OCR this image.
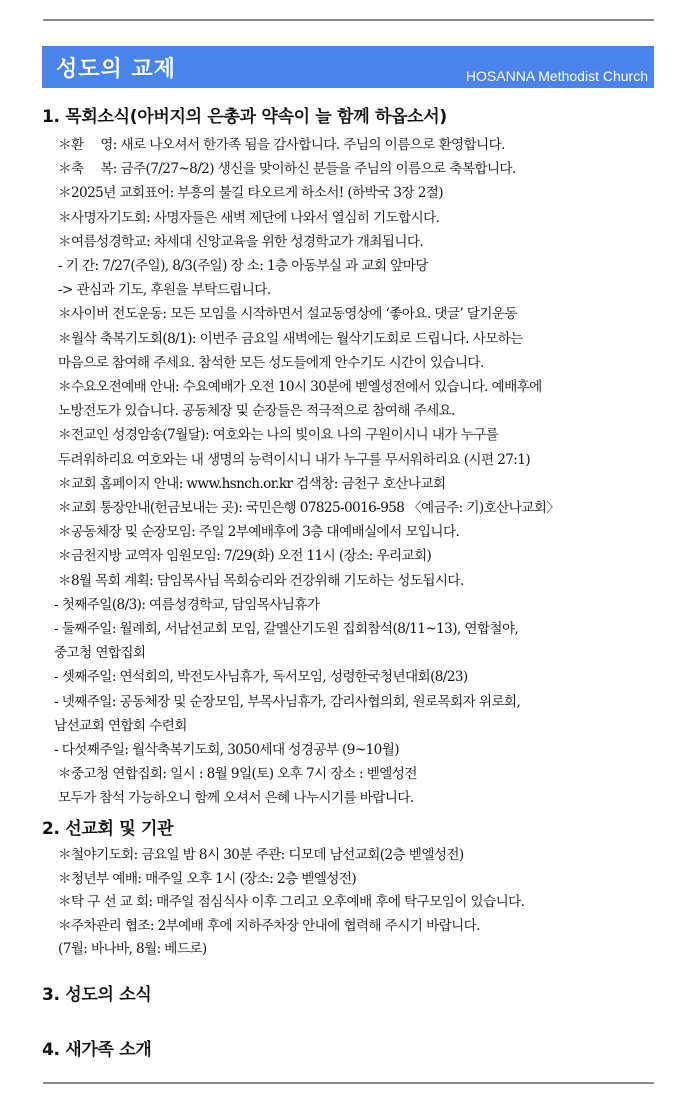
성도의 교제	HOSANNA Methodist Church
1. 목회소식(아버지의 은총과 약속이 늘 함께 하옵소서)
＊환　 영: 새로 나오셔서 한가족 됨을 감사합니다. 주님의 이름으로 환영합니다.
＊축　 복: 금주(7/27~8/2) 생신을 맞이하신 분들을 주님의 이름으로 축복합니다.
＊2025년 교회표어: 부흥의 불길 타오르게 하소서! (하박국 3장 2절)
＊사명자기도회: 사명자들은 새벽 제단에 나와서 열심히 기도합시다.
＊여름성경학교: 차세대 신앙교육을 위한 성경학교가 개최됩니다.
- 기 간: 7/27(주일), 8/3(주일) 장 소: 1층 아동부실 과 교회 앞마당
-> 관심과 기도, 후원을 부탁드립니다.
＊사이버 전도운동: 모든 모임을 시작하면서 설교동영상에 ‘좋아요. 댓글’ 달기운동
＊월삭 축복기도회(8/1): 이번주 금요일 새벽에는 월삭기도회로 드립니다. 사모하는
마음으로 참여해 주세요. 참석한 모든 성도들에게 안수기도 시간이 있습니다.
＊수요오전예배 안내: 수요예배가 오전 10시 30분에 벧엘성전에서 있습니다. 예배후에
노방전도가 있습니다. 공동체장 및 순장들은 적극적으로 참여해 주세요.
＊전교인 성경암송(7월달): 여호와는 나의 빛이요 나의 구원이시니 내가 누구를
두려워하리요 여호와는 내 생명의 능력이시니 내가 누구를 무서워하리요 (시편 27:1)
＊교회 홈페이지 안내: www.hsnch.or.kr 검색창: 금천구 호산나교회
＊교회 통장안내(헌금보내는 곳): 국민은행 07825-0016-958 〈예금주: 기)호산나교회〉
＊공동체장 및 순장모임: 주일 2부예배후에 3층 대예배실에서 모입니다.
＊금천지방 교역자 임원모임: 7/29(화) 오전 11시 (장소: 우리교회)
＊8월 목회 계획: 담임목사님 목회승리와 건강위해 기도하는 성도됩시다.
- 첫째주일(8/3): 여름성경학교, 담임목사님휴가
- 둘째주일: 월례회, 서남선교회 모임, 갈멜산기도원 집회참석(8/11~13), 연합철야,
중고청 연합집회
- 셋째주일: 연석회의, 박전도사님휴가, 독서모임, 성령한국청년대회(8/23)
- 넷째주일: 공동체장 및 순장모임, 부목사님휴가, 감리사협의회, 원로목회자 위로회,
남선교회 연합회 수련회
- 다섯째주일: 월삭축복기도회, 3050세대 성경공부 (9~10월)
＊중고청 연합집회: 일시 : 8월 9일(토) 오후 7시 장소 : 벧엘성전
모두가 참석 가능하오니 함께 오셔서 은혜 나누시기를 바랍니다.
2. 선교회 및 기관
＊철야기도회: 금요일 밤 8시 30분 주관: 디모데 남선교회(2층 벧엘성전)
＊청년부 예배: 매주일 오후 1시 (장소: 2층 벧엘성전)
＊탁 구 선 교 회: 매주일 점심식사 이후 그리고 오후예배 후에 탁구모임이 있습니다.
＊주차관리 협조: 2부예배 후에 지하주차장 안내에 협력해 주시기 바랍니다.
(7월: 바나바, 8월: 베드로)
3. 성도의 소식
4. 새가족 소개
